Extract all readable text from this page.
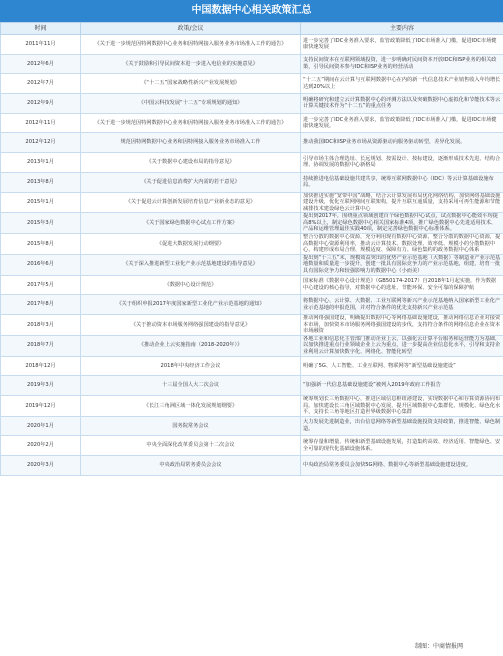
中国数据中心相关政策汇总
时间	政策/会议	主要内容
2011年11月	《关于进一步规范因特网数据中心业务和因特网接入服务业务市场准入工作的通告》	进一步完善了IDC业务准入要求，监管政策降低了IDC市场准入门槛，促进IDC市场健康快速发展
2012年6月	《关于鼓励和引导民间资本进一步进入电信业的实施意见》	支持民间资本在互联网领域投资，进一步明确对民间资本开放IDC和ISP业务的相关政策，引导民间资本参与IDC和ISP业务的经营活动
2012年7月	《“十二五”国家战略性新兴产业发展规划》	“十二五”期间在云计算与互联网数据中心在内的新一代信息技术产业销售收入年均增长达到20%以上
2012年9月	《中国云科技发展“十二五”专项规划的通知》	明确将研究和建立云计算数据中心的评测方法以及突破数据中心虚拟化和节能技术等云计算关键技术作为“十二五”的重点任务
2012年11月	《关于进一步规范因特网数据中心业务和因特网接入服务业务市场准入工作的通告》	进一步完善了IDC业务准入要求，监管政策降低了IDC市场准入门槛，促进IDC市场健康快速发展。
2012年12月	规范因特网数据中心业务和因特网接入服务业务市场准入工作	推动我国IDC和ISP业务市场从资源驱动向服务驱动转型，差异化发展。
2013年1月	《关于数据中心建设布局的指导意见》	引导市场主体合理选址、长远规划、按需设计、按标建设，逐渐形成技术先进、结构合理、协调发展的数据中心新格局
2013年8月	《关于促进信息消费扩大内需的若干意见》	持续推进电信基础设施共建共享，统筹互联网数据中心（IDC）等云计算基础设施布局。
2015年1月	《关于促进云计算创新发展培育信息产业新业态的意见》	加快推进实施“宽带中国”战略，结合云计算发展布局优化网络结构，加快网络基础设施建设升级，优化互联网网间互联架构，提升互联互通质量，支持采用可再生能源和节能减排技术建设绿色云计算中心
2015年3月	《关于国家绿色数据中心试点工作方案》	提出到2017年，围绕重点领域创建百个绿色数据中心试点，试点数据中心能效平均提高8%以上，制定绿色数据中心相关国家标准4项，推广绿色数据中心先进适用技术、产品和运维管理最佳实践40项，制定完善绿色数据中心标准体系。
2015年8月	《促进大数据发展行动纲要》	整合分散的数据中心资源，充分利用现有数据中心资源，整合分散的数据中心资源，提高数据中心资源利用率，推动云计算技术、数据处理、效率低、规模小的分散数据中心，构建形成布局合理、规模适度、保障有力、绿色集约的政务数据中心体系
2016年6月	《关于深入推进新型工业化产业示范基地建设的指导意见》	提出到“十三五”末，规模效益突出的优势产业示范基地（大数据）等制造业产业示范基地数量和质量进一步提升，创建一批具有国际竞争力的产业示范基地，组建、培育一批具有国际竞争力和较强影响力的数据中心（小而美）
2017年5月	《数据中心设计规范》	国家标准《数据中心设计规范》（GB50174-2017）自2018年1月起实施，作为数据中心建设的核心指导，对数据中心的选址、节能环保、安全可靠的保障护航
2017年8月	《关于组织申报2017年度国家新型工业化产业示范基地的通知》	将数据中心、云计算、大数据、工业互联网等新兴产业示范基地纳入国家新型工业化产业示范基地的申报范围，并对符合条件的优先支持新兴产业示范基
2018年3月	《关于推动资本市场服务网络强国建设的指导意见》	推动网络强国建设，明确提出数据中心等网络基础设施建设，推动网络信息企业对接资本市场，加快资本市场服务网络强国建设的步伐，支持符合条件的网络信息企业在资本市场融资
2018年7月	《推动企业上云实施指南（2018-2020年）》	各地工业和信息化主管部门推动企业上云，以强化云计算平台服务和运营能力为基础，以加快推进重点行业领域企业上云为重点，进一步提高企业信息化水平，引导和支持企业利用云计算加快数字化、网络化、智能化转型
2018年12月	2018年中央经济工作会议	明确了5G、人工智能、工业互联网、物联网等“新型基础设施建设”
2019年3月	十三届全国人大二次会议	“加强新一代信息基础设施建设”被列入2019年政府工作报告
2019年12月	《长江三角洲区域一体化发展规划纲要》	统筹规划长三角数据中心，推进区域信息枢纽港建设，实现数据中心和存算资源协同布局。加快建设长三角区域数据中心发展，提升区域数据中心集群化、规模化、绿色化水平，支持长三角等地区打造世界级数据中心集群
2020年1月	国务院常务会议	大力发展先进制造业，出台信息网络等新型基础设施投资支持政策，推进智能、绿色制造。
2020年2月	中央全面深化改革委员会第十二次会议	统筹存量和增量、传统和新型基础设施发展，打造集约高效、经济适用、智能绿色、安全可靠的现代化基础设施体系。
2020年3月	中央政治局常务委员会会议	中央政治局常务委员会加快5G网络、数据中心等新型基础设施建设进度。
制图：中商情报网
